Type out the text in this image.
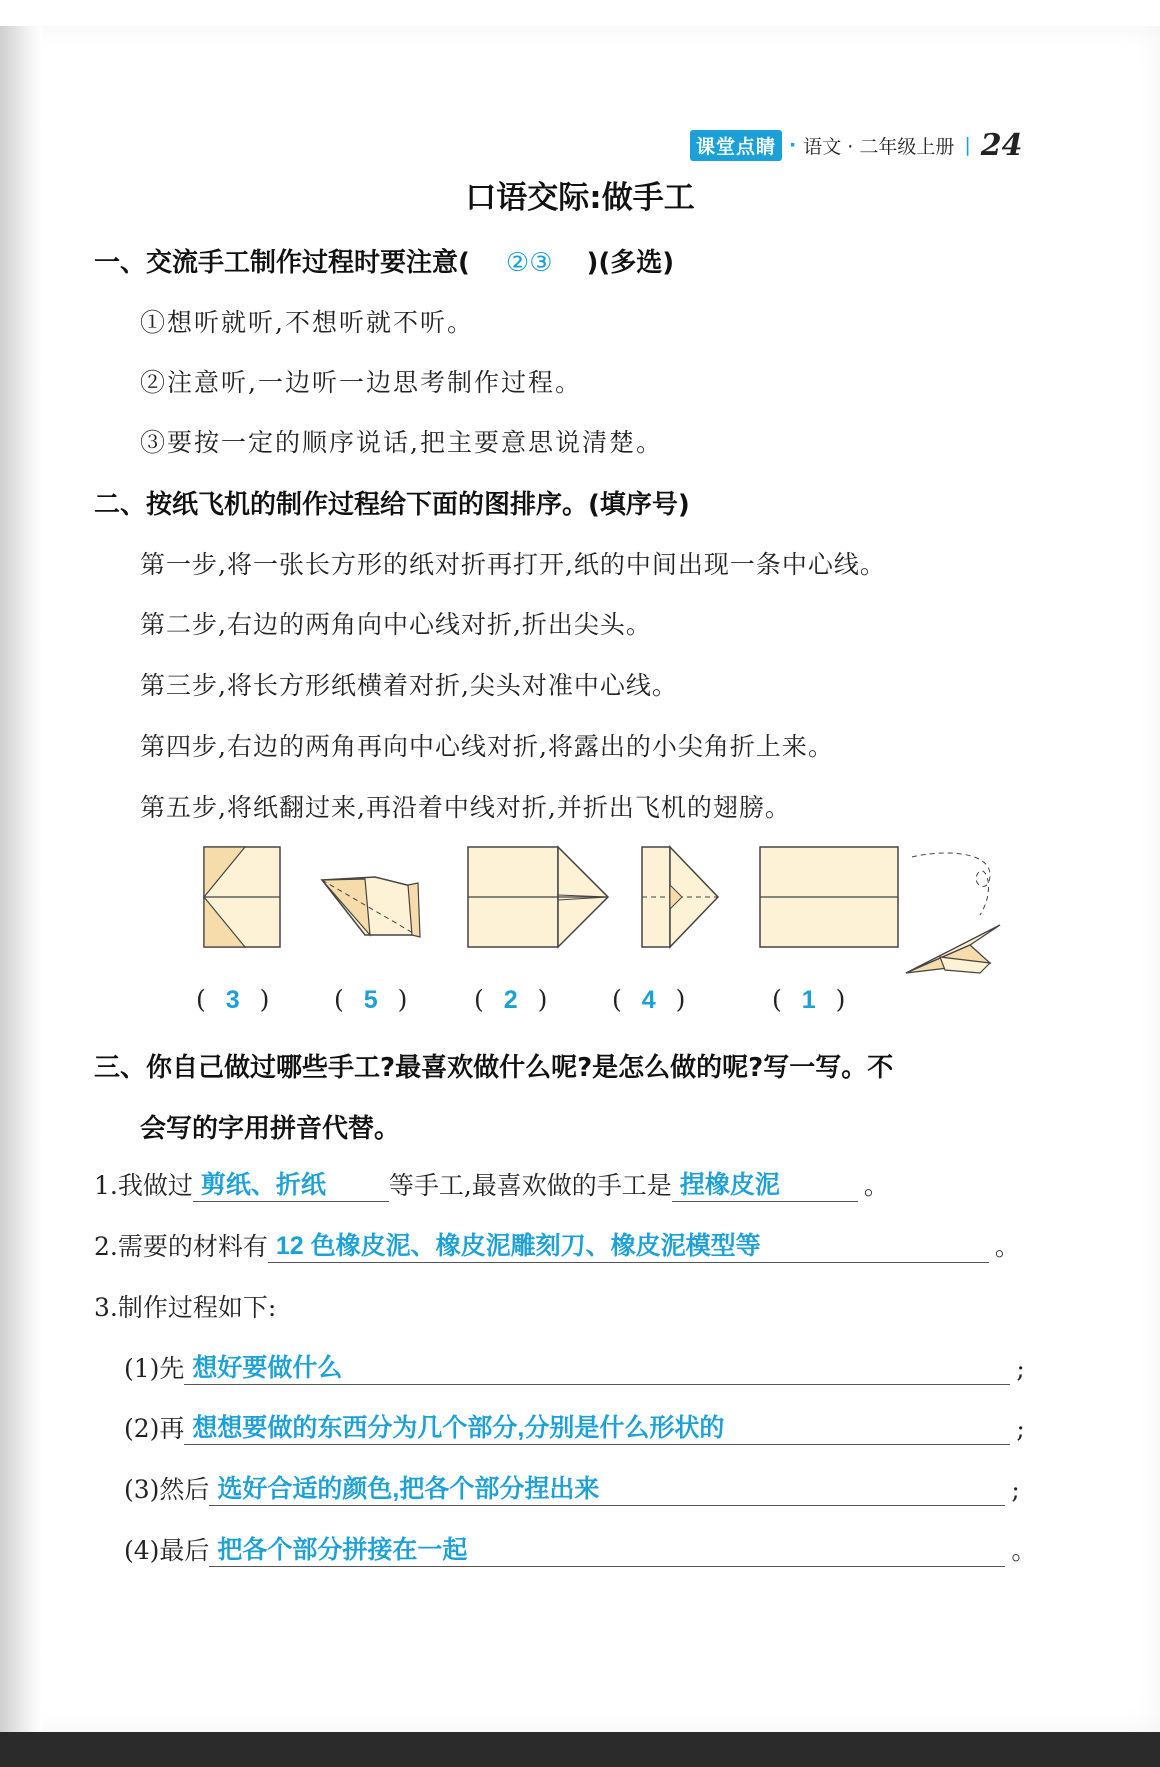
课堂点睛 · 语文 · 二年级上册 | 24
口语交际:做手工
一、交流手工制作过程时要注意( ②③ )(多选)
①想听就听,不想听就不听。
②注意听,一边听一边思考制作过程。
③要按一定的顺序说话,把主要意思说清楚。
二、按纸飞机的制作过程给下面的图排序。(填序号)
第一步,将一张长方形的纸对折再打开,纸的中间出现一条中心线。
第二步,右边的两角向中心线对折,折出尖头。
第三步,将长方形纸横着对折,尖头对准中心线。
第四步,右边的两角再向中心线对折,将露出的小尖角折上来。
第五步,将纸翻过来,再沿着中线对折,并折出飞机的翅膀。
( 3 )	( 5 )	( 2 )	( 4 )	( 1 )
三、你自己做过哪些手工?最喜欢做什么呢?是怎么做的呢?写一写。不
会写的字用拼音代替。
1.我做过 剪纸、折纸	等手工,最喜欢做的手工是 捏橡皮泥	。
2.需要的材料有 12 色橡皮泥、橡皮泥雕刻刀、橡皮泥模型等	。
3.制作过程如下:
(1)先 想好要做什么	;
(2)再 想想要做的东西分为几个部分,分别是什么形状的	;
(3)然后 选好合适的颜色,把各个部分捏出来	;
(4)最后 把各个部分拼接在一起	。
